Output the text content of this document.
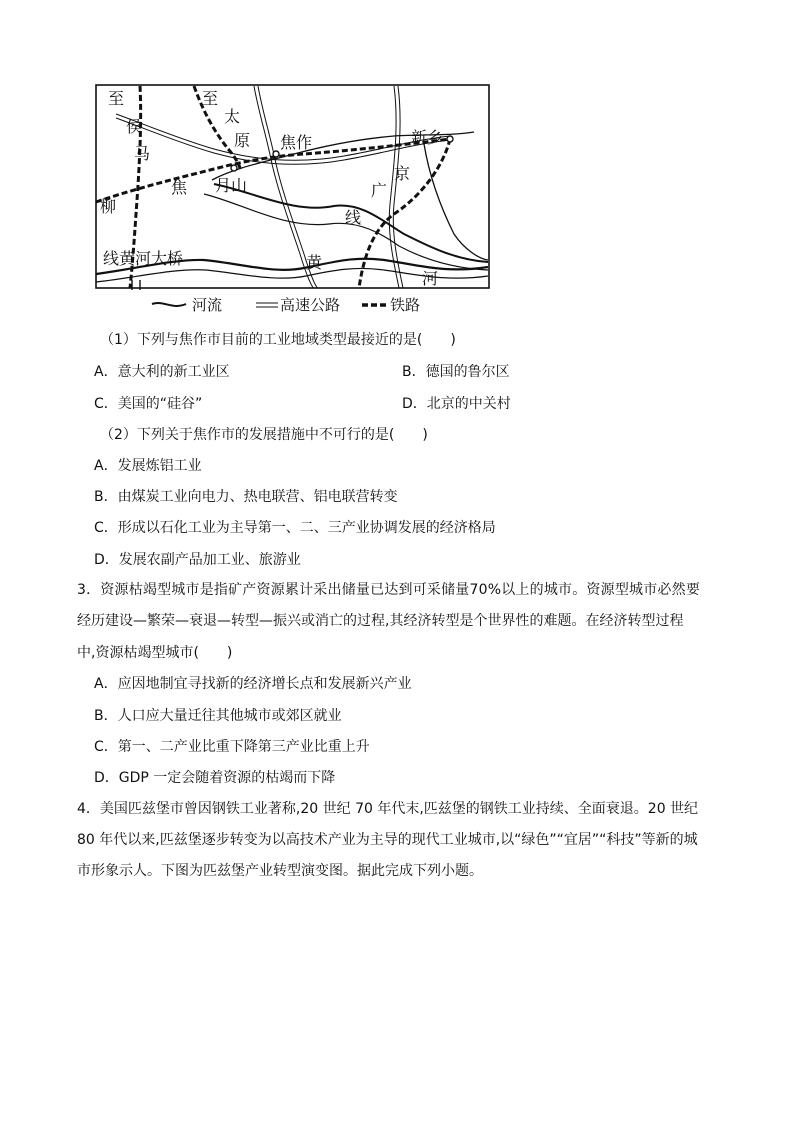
至
侯
马
至
太
原 焦作
焦 月山
新乡
京
广
线
柳
线黄河大桥	黄
河
河流	高速公路	铁路
（1）下列与焦作市目前的工业地域类型最接近的是(　　)
A．意大利的新工业区	B．德国的鲁尔区
C．美国的“硅谷”	D．北京的中关村
（2）下列关于焦作市的发展措施中不可行的是(　　)
A．发展炼铝工业
B．由煤炭工业向电力、热电联营、铝电联营转变
C．形成以石化工业为主导第一、二、三产业协调发展的经济格局
D．发展农副产品加工业、旅游业
3．资源枯竭型城市是指矿产资源累计采出储量已达到可采储量70%以上的城市。资源型城市必然要
经历建设—繁荣—衰退—转型—振兴或消亡的过程,其经济转型是个世界性的难题。在经济转型过程
中,资源枯竭型城市(　　)
A．应因地制宜寻找新的经济增长点和发展新兴产业
B．人口应大量迁往其他城市或郊区就业
C．第一、二产业比重下降第三产业比重上升
D．GDP 一定会随着资源的枯竭而下降
4．美国匹兹堡市曾因钢铁工业著称,20 世纪 70 年代末,匹兹堡的钢铁工业持续、全面衰退。20 世纪
80 年代以来,匹兹堡逐步转变为以高技术产业为主导的现代工业城市,以“绿色”“宜居”“科技”等新的城
市形象示人。下图为匹兹堡产业转型演变图。据此完成下列小题。
